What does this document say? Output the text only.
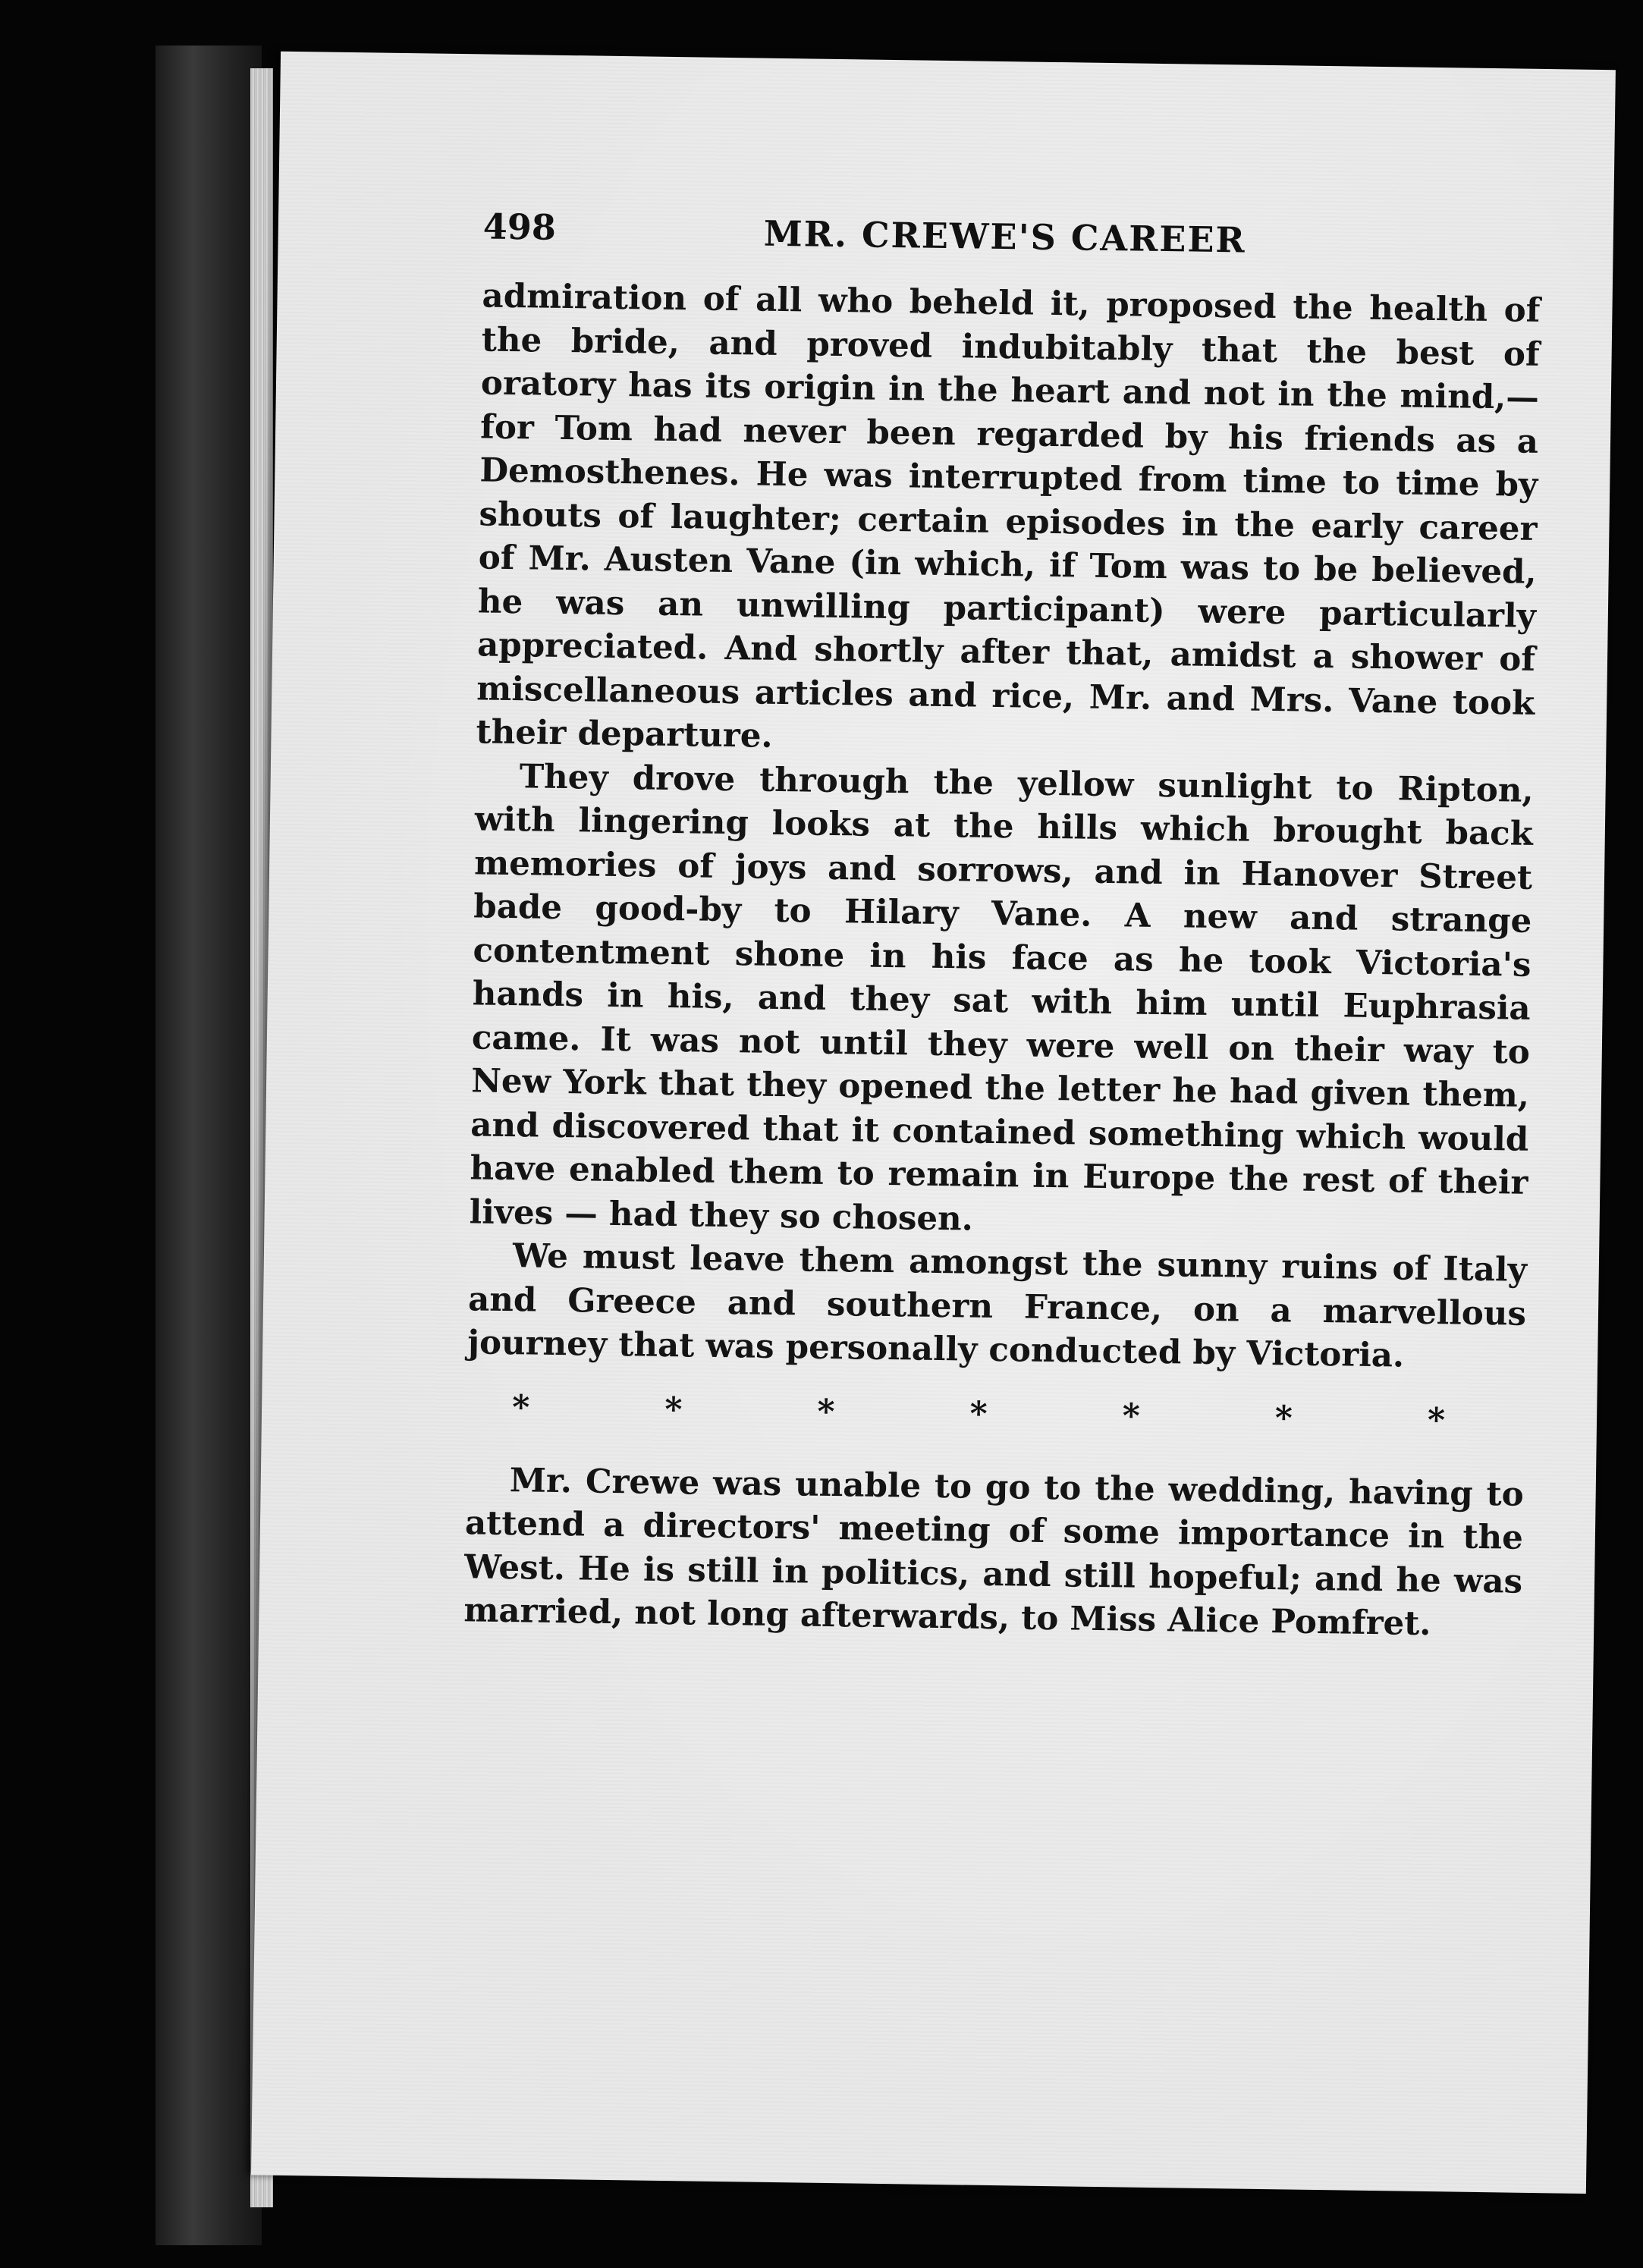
498	MR. CREWE'S CAREER

admiration of all who beheld it, proposed the health of the bride, and proved indubitably that the best of oratory has its origin in the heart and not in the mind,— for Tom had never been regarded by his friends as a Demosthenes. He was interrupted from time to time by shouts of laughter; certain episodes in the early career of Mr. Austen Vane (in which, if Tom was to be believed, he was an unwilling participant) were particularly appreciated. And shortly after that, amidst a shower of miscellaneous articles and rice, Mr. and Mrs. Vane took their departure.

They drove through the yellow sunlight to Ripton, with lingering looks at the hills which brought back memories of joys and sorrows, and in Hanover Street bade good-by to Hilary Vane. A new and strange contentment shone in his face as he took Victoria's hands in his, and they sat with him until Euphrasia came. It was not until they were well on their way to New York that they opened the letter he had given them, and discovered that it contained something which would have enabled them to remain in Europe the rest of their lives — had they so chosen.

We must leave them amongst the sunny ruins of Italy and Greece and southern France, on a marvellous journey that was personally conducted by Victoria.

*	*	*	*	*	*	*

Mr. Crewe was unable to go to the wedding, having to attend a directors' meeting of some importance in the West. He is still in politics, and still hopeful; and he was married, not long afterwards, to Miss Alice Pomfret.
